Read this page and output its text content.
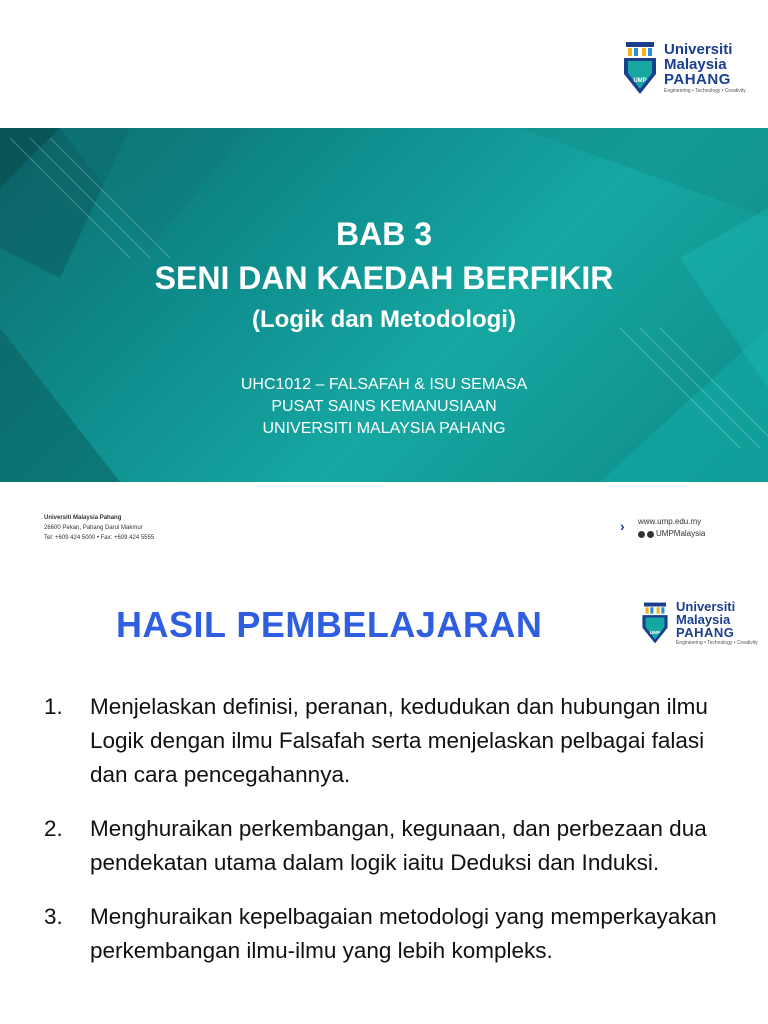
UMP
Universiti
Malaysia
PAHANG
Engineering • Technology • Creativity
BAB 3
SENI DAN KAEDAH BERFIKIR
(Logik dan Metodologi)
UHC1012 – FALSAFAH & ISU SEMASA
PUSAT SAINS KEMANUSIAAN
UNIVERSITI MALAYSIA PAHANG
Universiti Malaysia Pahang
26600 Pekan, Pahang Darul Makmur
Tel: +609 424 5000 • Fax: +609 424 5555
› www.ump.edu.my
UMPMalaysia
HASIL PEMBELAJARAN	UMP
Universiti
Malaysia
PAHANG
Engineering • Technology • Creativity
1.	Menjelaskan definisi, peranan, kedudukan dan hubungan ilmu Logik dengan ilmu Falsafah serta menjelaskan pelbagai falasi dan cara pencegahannya.
2.	Menghuraikan perkembangan, kegunaan, dan perbezaan dua pendekatan utama dalam logik iaitu Deduksi dan Induksi.
3.	Menghuraikan kepelbagaian metodologi yang memperkayakan perkembangan ilmu-ilmu yang lebih kompleks.
